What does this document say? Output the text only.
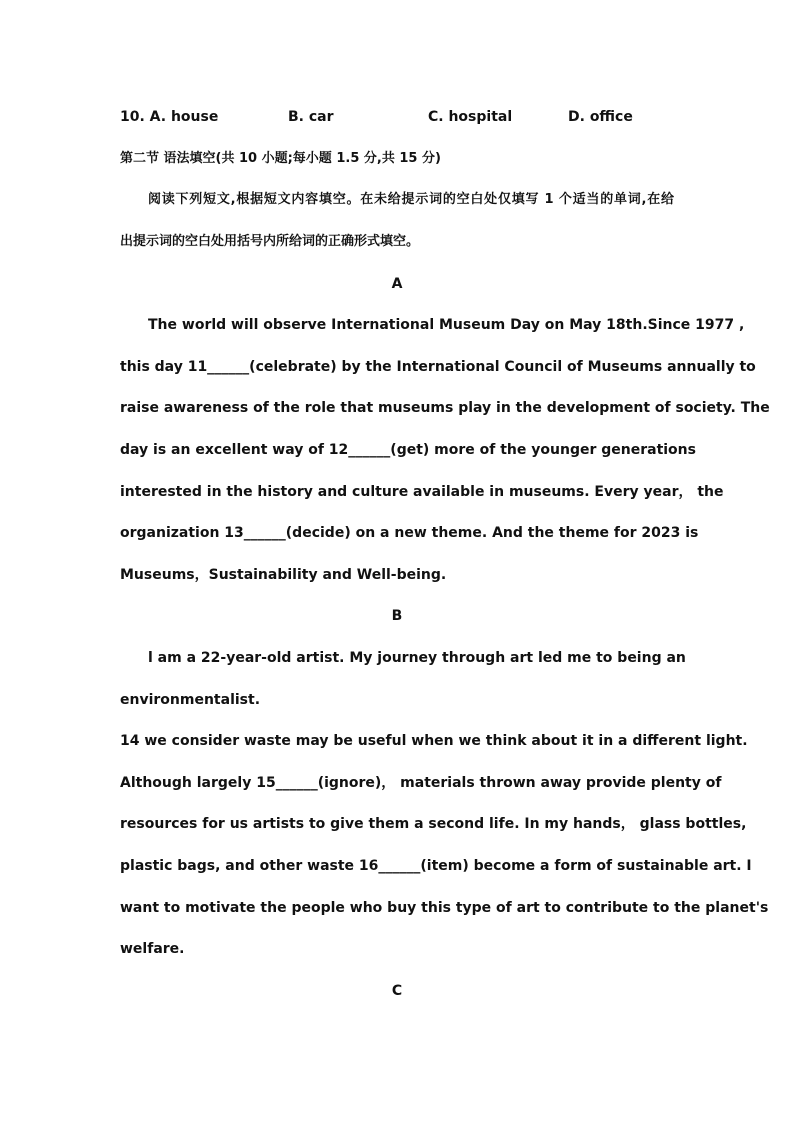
10. A. house	B. car	C. hospital	D. office
第二节 语法填空(共 10 小题;每小题 1.5 分,共 15 分)
阅读下列短文,根据短文内容填空。在未给提示词的空白处仅填写 1 个适当的单词,在给
出提示词的空白处用括号内所给词的正确形式填空。
A
The world will observe International Museum Day on May 18th.Since 1977 ,
this day 11______(celebrate) by the International Council of Museums annually to
raise awareness of the role that museums play in the development of society. The
day is an excellent way of 12______(get) more of the younger generations
interested in the history and culture available in museums. Every year， the
organization 13______(decide) on a new theme. And the theme for 2023 is
Museums，Sustainability and Well-being.
B
l am a 22-year-old artist. My journey through art led me to being an
environmentalist.
14 we consider waste may be useful when we think about it in a different light.
Although largely 15______(ignore)， materials thrown away provide plenty of
resources for us artists to give them a second life. In my hands， glass bottles,
plastic bags, and other waste 16______(item) become a form of sustainable art. I
want to motivate the people who buy this type of art to contribute to the planet's
welfare.
C
